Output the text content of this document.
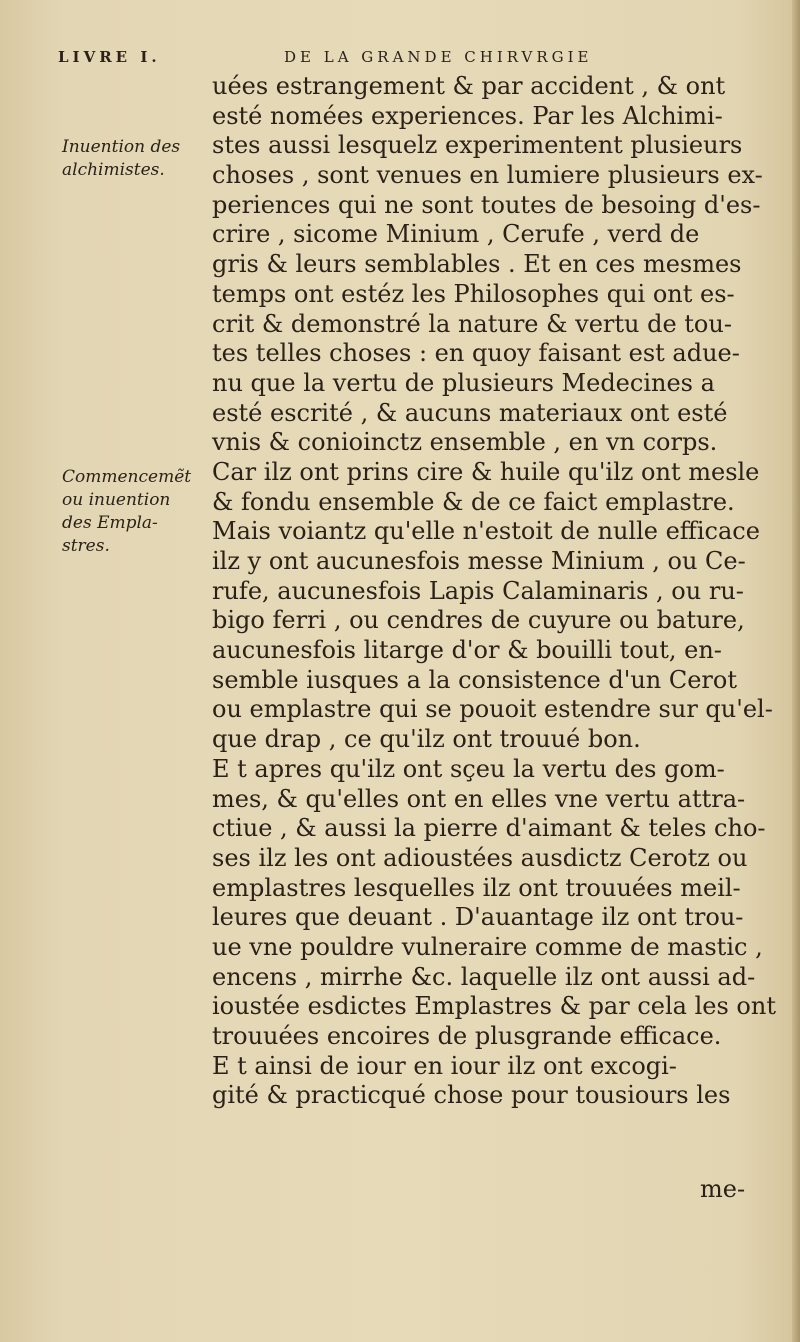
LIVRE I.	DE LA GRANDE CHIRVRGIE
Inuention des
alchimistes.
Commencemẽt
ou inuention
des Empla-
stres.
uées estrangement & par accident , & ont
esté nomées experiences. Par les Alchimi-
stes aussi lesquelz experimentent plusieurs
choses , sont venues en lumiere plusieurs ex-
periences qui ne sont toutes de besoing d'es-
crire , sicome Minium , Cerufe , verd de
gris & leurs semblables . Et en ces mesmes
temps ont estéz les Philosophes qui ont es-
crit & demonstré la nature & vertu de tou-
tes telles choses : en quoy faisant est adue-
nu que la vertu de plusieurs Medecines a
esté escrité , & aucuns materiaux ont esté
vnis & conioinctz ensemble , en vn corps.
Car ilz ont prins cire & huile qu'ilz ont mesle
& fondu ensemble & de ce faict emplastre.
Mais voiantz qu'elle n'estoit de nulle efficace
ilz y ont aucunesfois messe Minium , ou Ce-
rufe, aucunesfois Lapis Calaminaris , ou ru-
bigo ferri , ou cendres de cuyure ou bature,
aucunesfois litarge d'or & bouilli tout, en-
semble iusques a la consistence d'un Cerot
ou emplastre qui se pouoit estendre sur qu'el-
que drap , ce qu'ilz ont trouué bon.
E t apres qu'ilz ont sçeu la vertu des gom-
mes, & qu'elles ont en elles vne vertu attra-
ctiue , & aussi la pierre d'aimant & teles cho-
ses ilz les ont adioustées ausdictz Cerotz ou
emplastres lesquelles ilz ont trouuées meil-
leures que deuant . D'auantage ilz ont trou-
ue vne pouldre vulneraire comme de mastic ,
encens , mirrhe &c. laquelle ilz ont aussi ad-
ioustée esdictes Emplastres & par cela les ont
trouuées encoires de plusgrande efficace.
E t ainsi de iour en iour ilz ont excogi-
gité & practicqué chose pour tousiours les
me-
